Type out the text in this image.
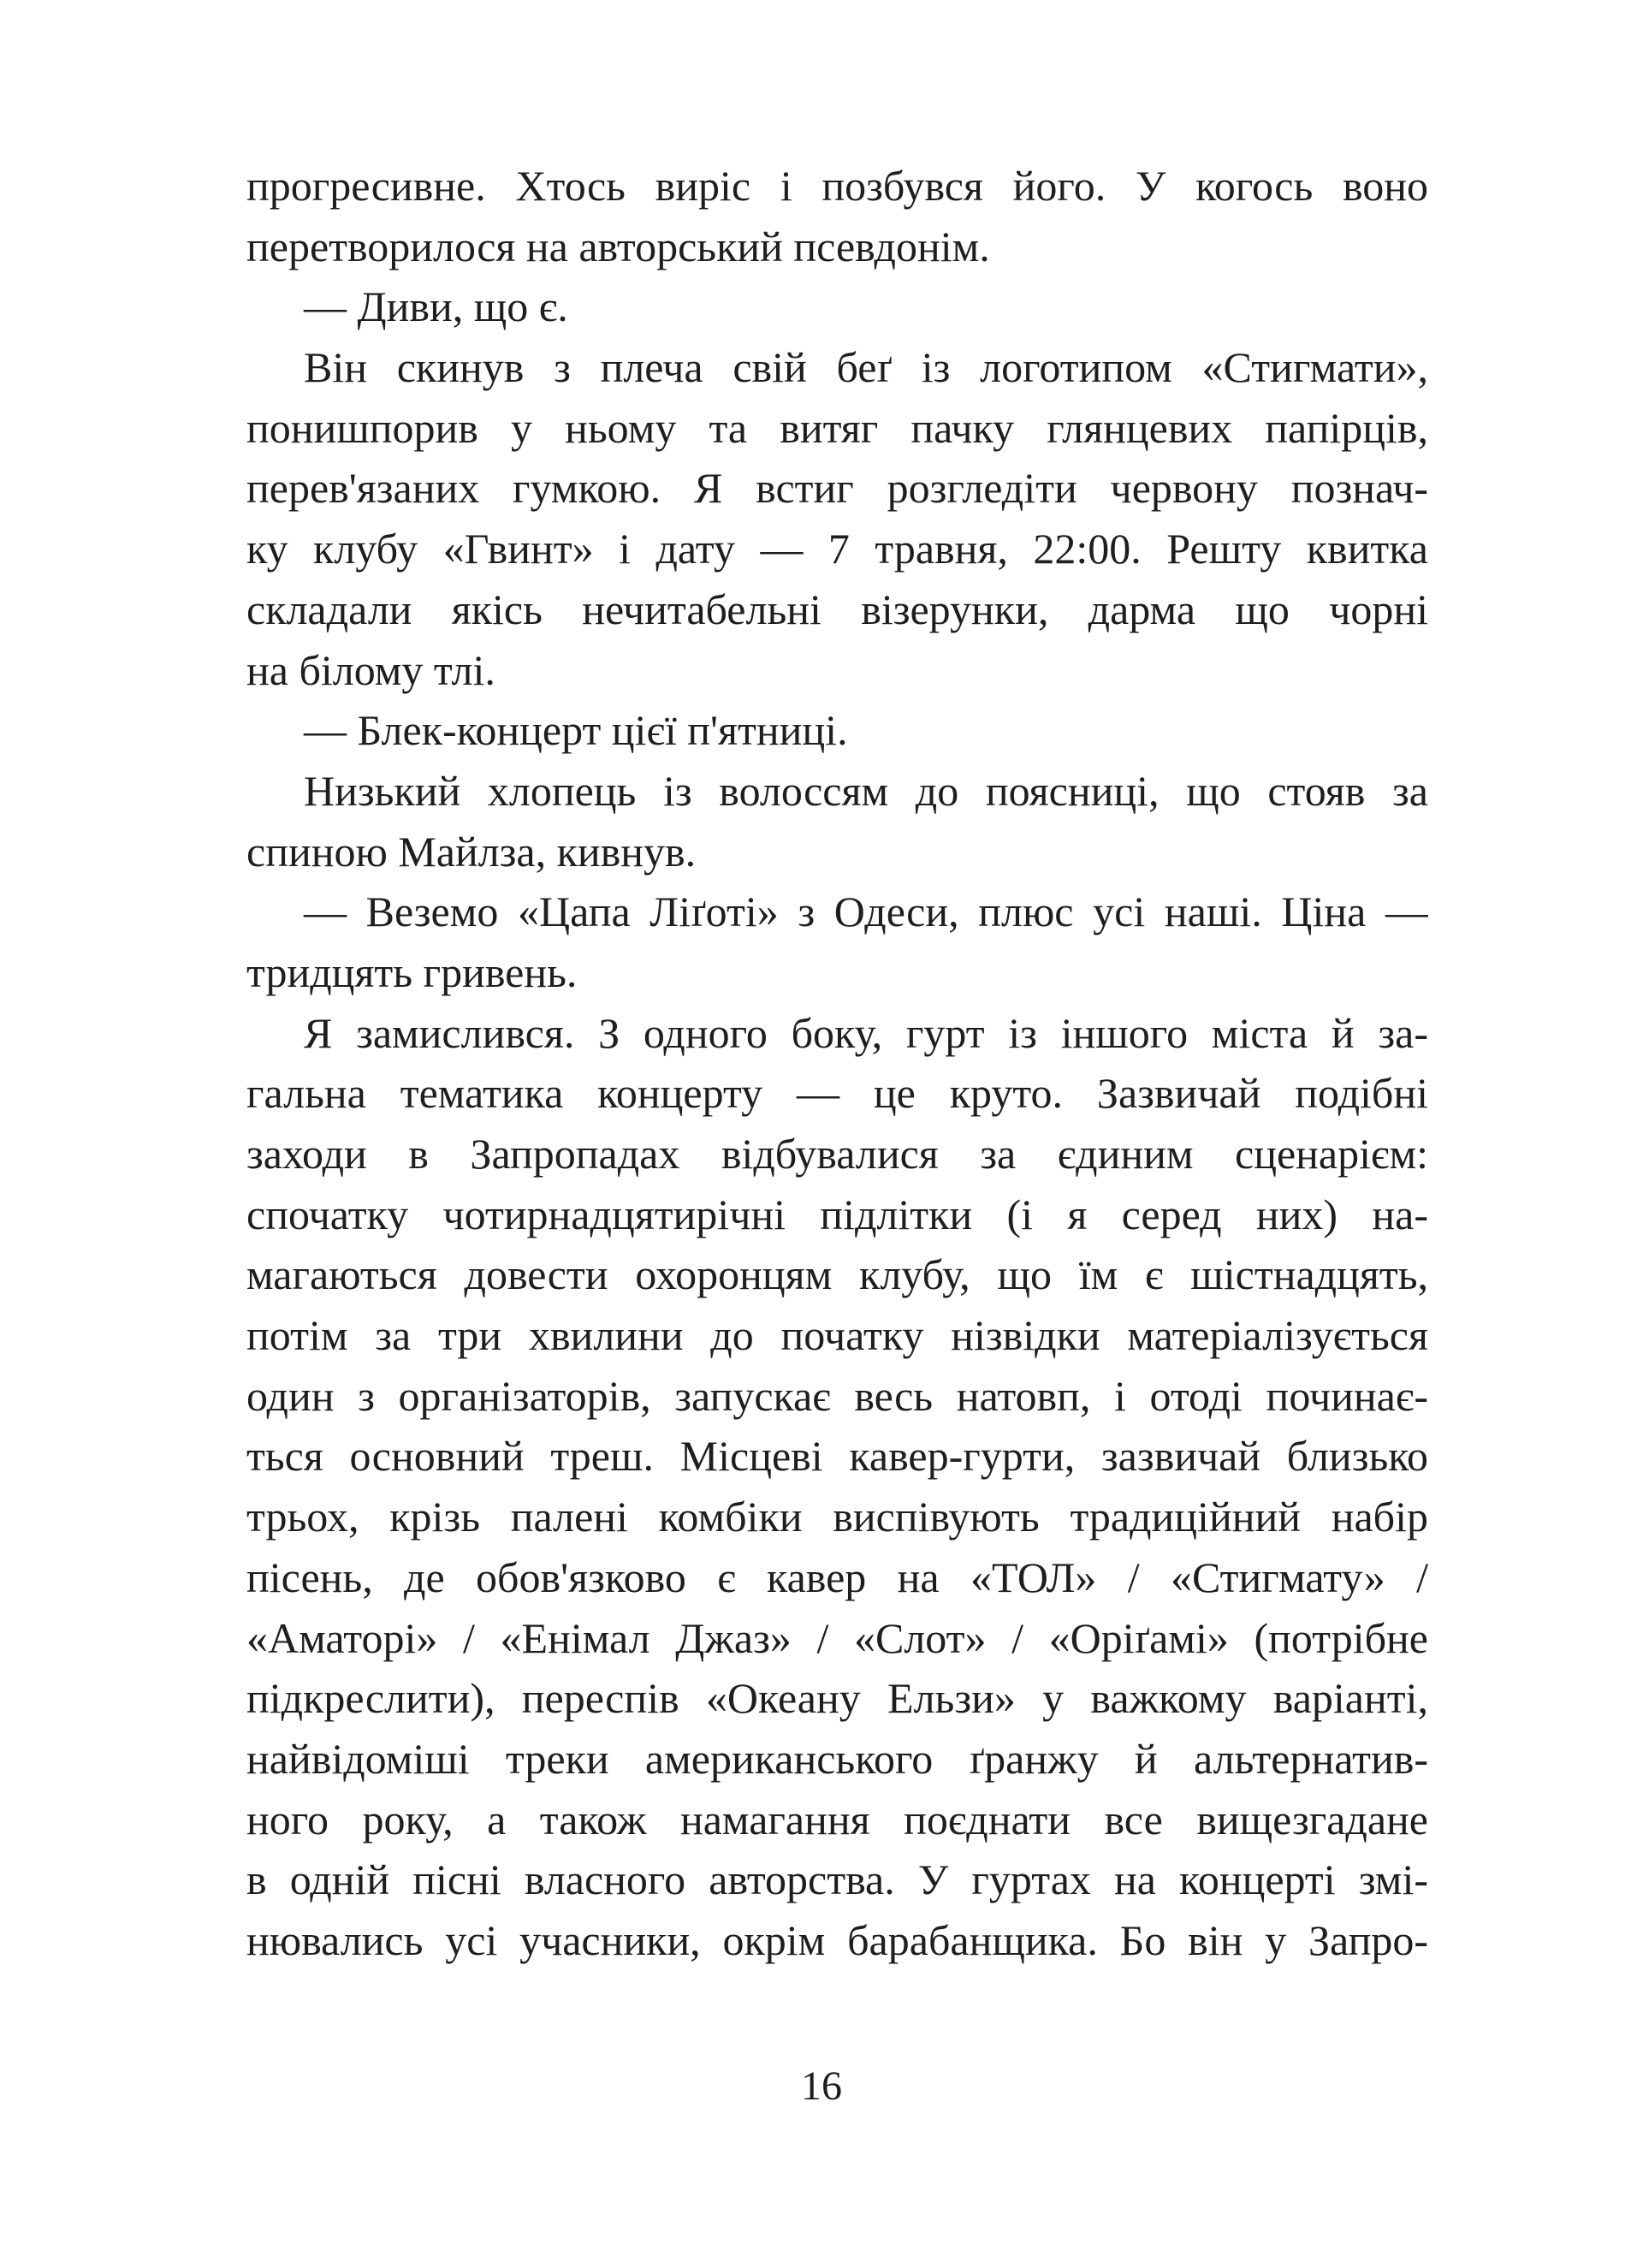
прогресивне. Хтось виріс і позбувся його. У когось воно
перетворилося на авторський псевдонім.
— Диви, що є.
Він скинув з плеча свій беґ із логотипом «Стигмати»,
понишпорив у ньому та витяг пачку глянцевих папірців,
перев'язаних гумкою. Я встиг розгледіти червону познач-
ку клубу «Гвинт» і дату — 7 травня, 22:00. Решту квитка
складали якісь нечитабельні візерунки, дарма що чорні
на білому тлі.
— Блек-концерт цієї п'ятниці.
Низький хлопець із волоссям до поясниці, що стояв за
спиною Майлза, кивнув.
— Веземо «Цапа Ліґоті» з Одеси, плюс усі наші. Ціна —
тридцять гривень.
Я замислився. З одного боку, гурт із іншого міста й за-
гальна тематика концерту — це круто. Зазвичай подібні
заходи в Запропадах відбувалися за єдиним сценарієм:
спочатку чотирнадцятирічні підлітки (і я серед них) на-
магаються довести охоронцям клубу, що їм є шістнадцять,
потім за три хвилини до початку нізвідки матеріалізується
один з організаторів, запускає весь натовп, і отоді починає-
ться основний треш. Місцеві кавер-гурти, зазвичай близько
трьох, крізь палені комбіки виспівують традиційний набір
пісень, де обов'язково є кавер на «ТОЛ» / «Стигмату» /
«Аматорі» / «Енімал Джаз» / «Слот» / «Оріґамі» (потрібне
підкреслити), переспів «Океану Ельзи» у важкому варіанті,
найвідоміші треки американського ґранжу й альтернатив-
ного року, а також намагання поєднати все вищезгадане
в одній пісні власного авторства. У гуртах на концерті змі-
нювались усі учасники, окрім барабанщика. Бо він у Запро-
16
